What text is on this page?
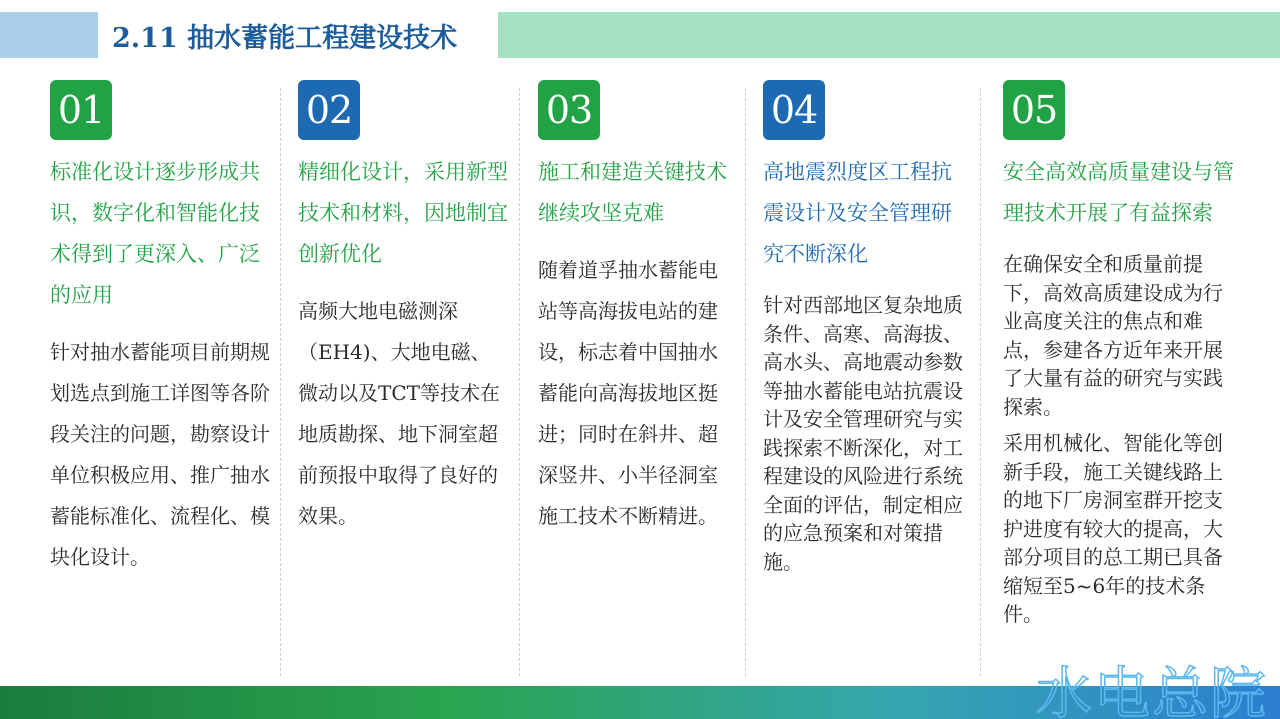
2.11 抽水蓄能工程建设技术
01
标准化设计逐步形成共识，数字化和智能化技术得到了更深入、广泛的应用

针对抽水蓄能项目前期规划选点到施工详图等各阶段关注的问题，勘察设计单位积极应用、推广抽水蓄能标准化、流程化、模块化设计。

02
精细化设计，采用新型技术和材料，因地制宜创新优化

高频大地电磁测深（EH4)、大地电磁、微动以及TCT等技术在地质勘探、地下洞室超前预报中取得了良好的效果。

03
施工和建造关键技术继续攻坚克难

随着道孚抽水蓄能电站等高海拔电站的建设，标志着中国抽水蓄能向高海拔地区挺进；同时在斜井、超深竖井、小半径洞室施工技术不断精进。

04
高地震烈度区工程抗震设计及安全管理研究不断深化

针对西部地区复杂地质条件、高寒、高海拔、高水头、高地震动参数等抽水蓄能电站抗震设计及安全管理研究与实践探索不断深化，对工程建设的风险进行系统全面的评估，制定相应的应急预案和对策措施。

05
安全高效高质量建设与管理技术开展了有益探索

在确保安全和质量前提下，高效高质建设成为行业高度关注的焦点和难点，参建各方近年来开展了大量有益的研究与实践探索。

采用机械化、智能化等创新手段，施工关键线路上的地下厂房洞室群开挖支护进度有较大的提高，大部分项目的总工期已具备缩短至5~6年的技术条件。

水电总院
